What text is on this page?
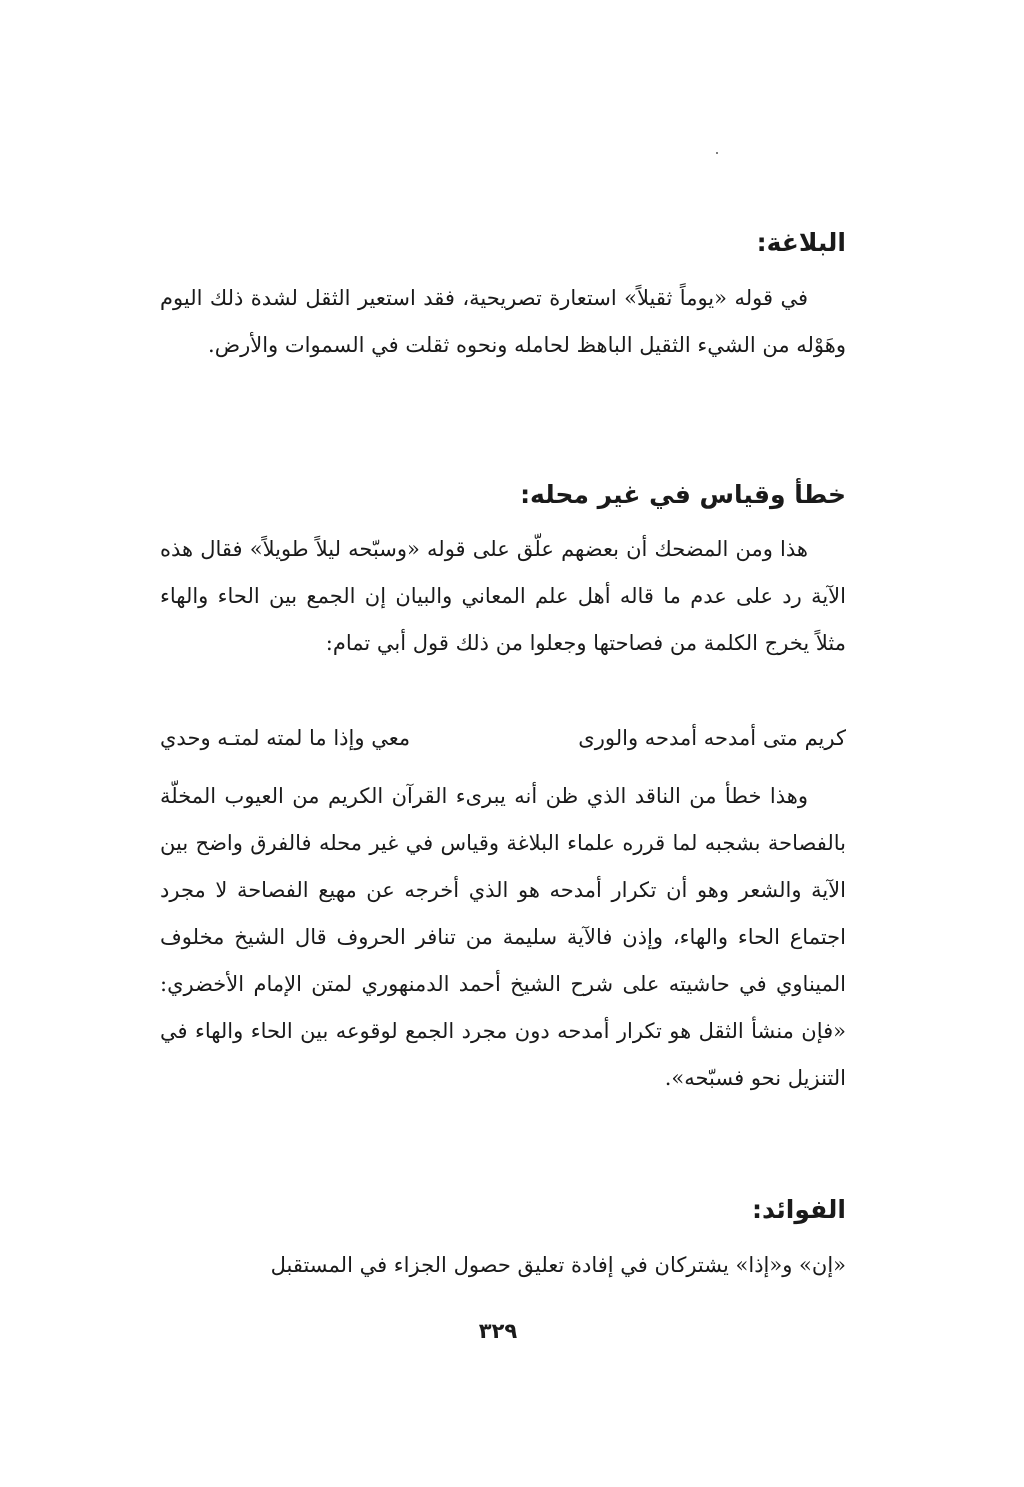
البلاغة:

في قوله «يوماً ثقيلاً» استعارة تصريحية، فقد استعير الثقل لشدة ذلك اليوم وهَوْله من الشيء الثقيل الباهظ لحامله ونحوه ثقلت في السموات والأرض.

خطأ وقياس في غير محله:

هذا ومن المضحك أن بعضهم علّق على قوله «وسبّحه ليلاً طويلاً» فقال هذه الآية رد على عدم ما قاله أهل علم المعاني والبيان إن الجمع بين الحاء والهاء مثلاً يخرج الكلمة من فصاحتها وجعلوا من ذلك قول أبي تمام:

كريم متى أمدحه أمدحه والورى
معي وإذا ما لمته لمتـه وحدي

وهذا خطأ من الناقد الذي ظن أنه يبرىء القرآن الكريم من العيوب المخلّة بالفصاحة بشجبه لما قرره علماء البلاغة وقياس في غير محله فالفرق واضح بين الآية والشعر وهو أن تكرار أمدحه هو الذي أخرجه عن مهيع الفصاحة لا مجرد اجتماع الحاء والهاء، وإذن فالآية سليمة من تنافر الحروف قال الشيخ مخلوف الميناوي في حاشيته على شرح الشيخ أحمد الدمنهوري لمتن الإمام الأخضري: «فإن منشأ الثقل هو تكرار أمدحه دون مجرد الجمع لوقوعه بين الحاء والهاء في التنزيل نحو فسبّحه».

الفوائد:

«إن» و«إذا» يشتركان في إفادة تعليق حصول الجزاء في المستقبل

٣٢٩
